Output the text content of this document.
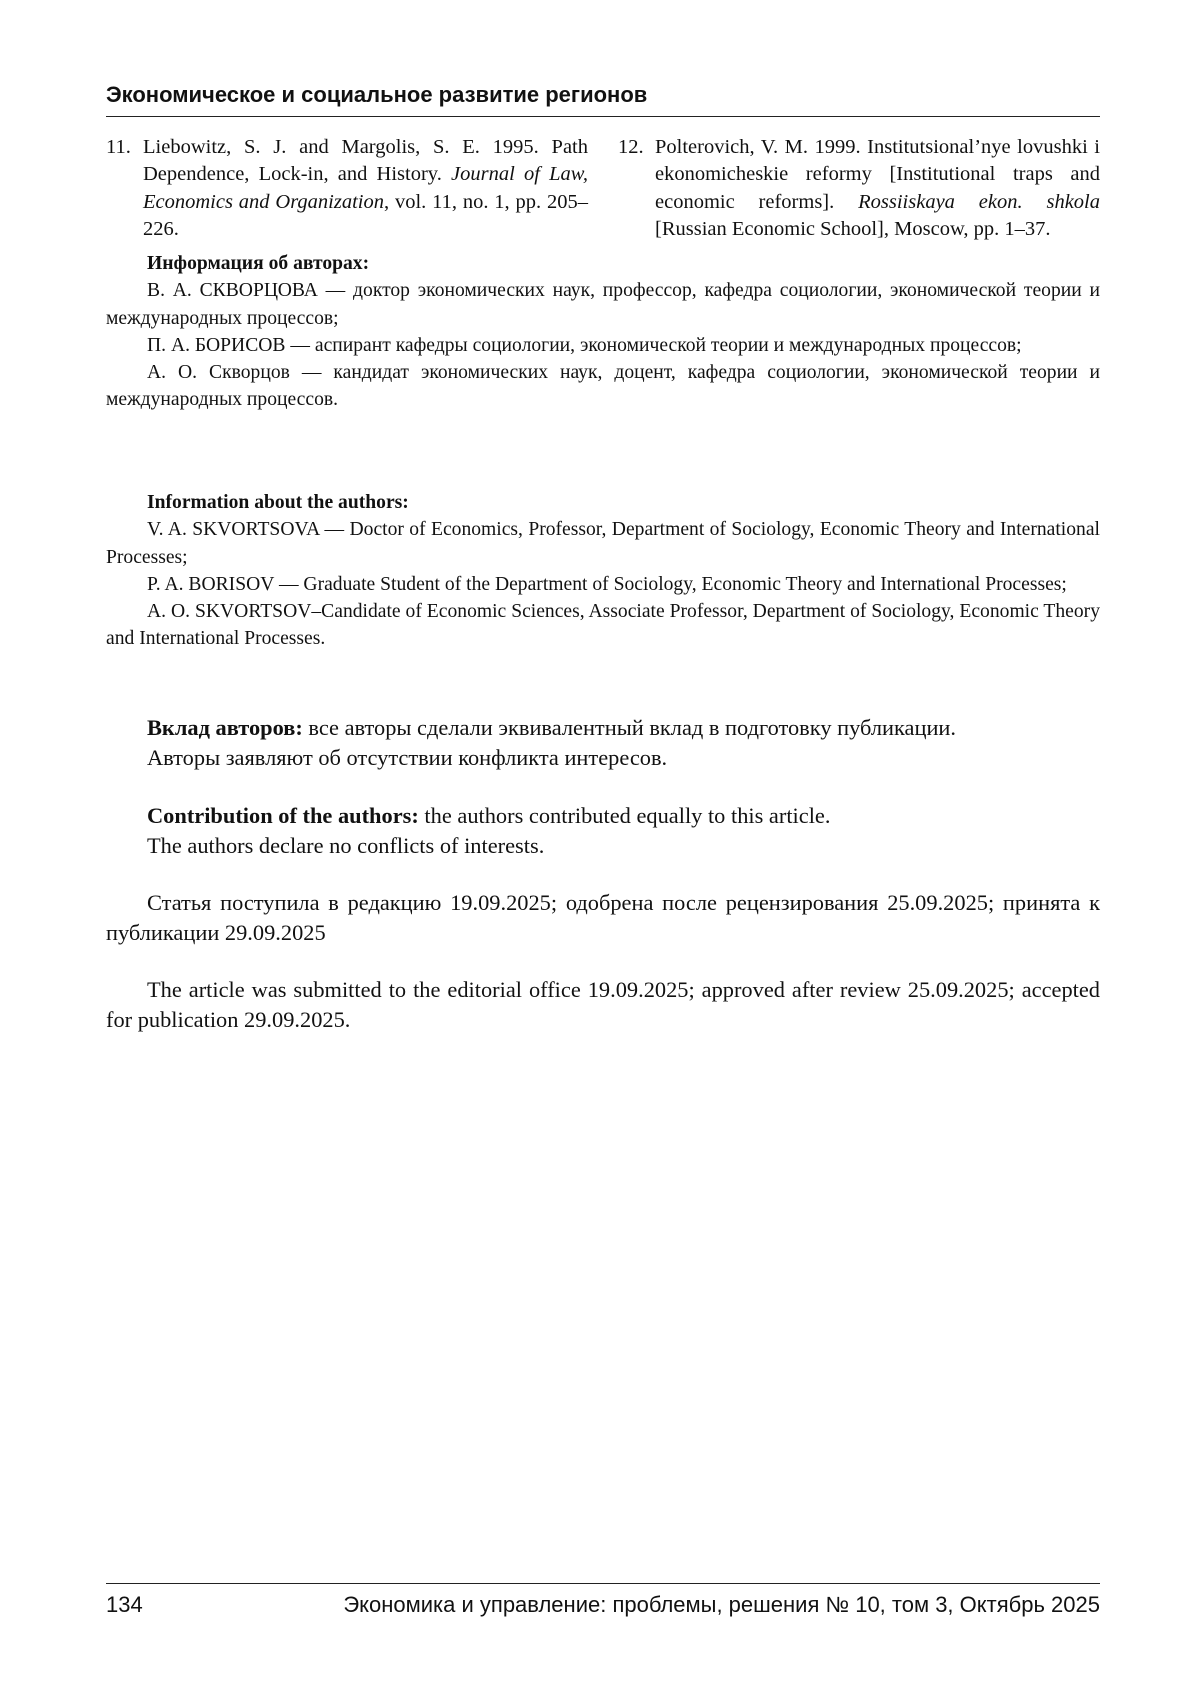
Экономическое и социальное развитие регионов
11. Liebowitz, S. J. and Margolis, S. E. 1995. Path Dependence, Lock-in, and History. Journal of Law, Economics and Organization, vol. 11, no. 1, pp. 205–226.
12. Polterovich, V. M. 1999. Institutsional’nye lovushki i ekonomicheskie reformy [Institutional traps and economic reforms]. Rossiiskaya ekon. shkola [Russian Economic School], Moscow, pp. 1–37.

Информация об авторах:

В. А. СКВОРЦОВА — доктор экономических наук, профессор, кафедра социологии, экономической теории и международных процессов;

П. А. БОРИСОВ — аспирант кафедры социологии, экономической теории и международных процессов;

А. О. Скворцов — кандидат экономических наук, доцент, кафедра социологии, экономической теории и международных процессов.

Information about the authors:

V. A. SKVORTSOVA — Doctor of Economics, Professor, Department of Sociology, Economic Theory and International Processes;

P. A. BORISOV — Graduate Student of the Department of Sociology, Economic Theory and International Processes;

A. O. SKVORTSOV–Candidate of Economic Sciences, Associate Professor, Department of Sociology, Economic Theory and International Processes.

Вклад авторов: все авторы сделали эквивалентный вклад в подготовку публикации.

Авторы заявляют об отсутствии конфликта интересов.

Contribution of the authors: the authors contributed equally to this article.

The authors declare no conflicts of interests.

Статья поступила в редакцию 19.09.2025; одобрена после рецензирования 25.09.2025; принята к публикации 29.09.2025

The article was submitted to the editorial office 19.09.2025; approved after review 25.09.2025; accepted for publication 29.09.2025.

134	Экономика и управление: проблемы, решения № 10, том 3, Октябрь 2025
